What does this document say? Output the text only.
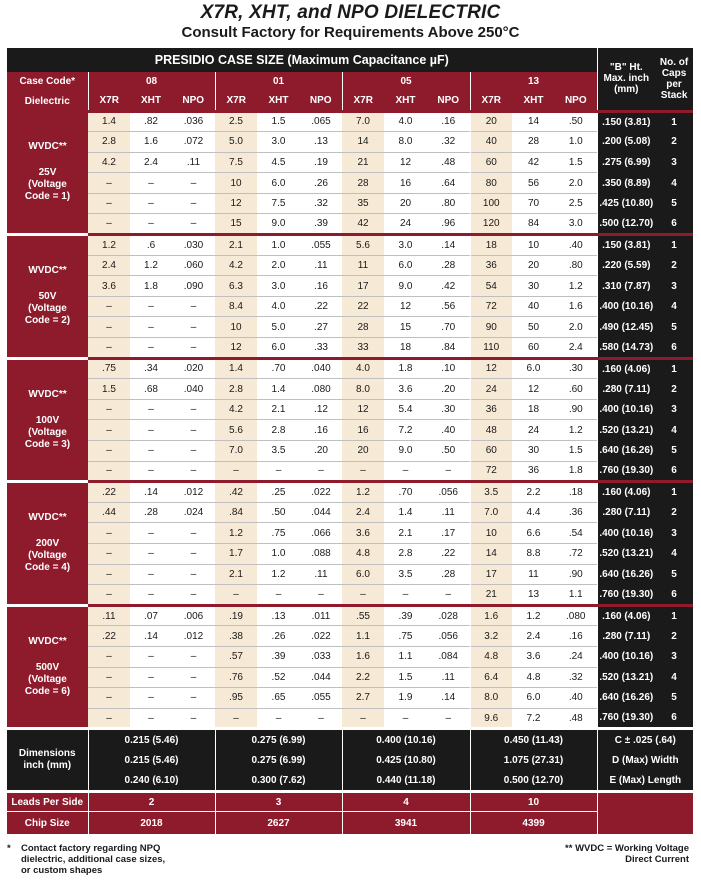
X7R, XHT, and NPO DIELECTRIC
Consult Factory for Requirements Above 250°C
PRESIDIO CASE SIZE (Maximum Capacitance µF)													"B" Ht. Max. inch (mm)	No. of Caps per Stack
Case Code*	08			01			05			13				
Dielectric	X7R	XHT	NPO	X7R	XHT	NPO	X7R	XHT	NPO	X7R	XHT	NPO		

WVDC**
25V
(Voltage Code = 1)	1.4	.82	.036	2.5	1.5	.065	7.0	4.0	.16	20	14	.50	.150 (3.81)	1
	2.8	1.6	.072	5.0	3.0	.13	14	8.0	.32	40	28	1.0	.200 (5.08)	2
	4.2	2.4	.11	7.5	4.5	.19	21	12	.48	60	42	1.5	.275 (6.99)	3
	–	–	–	10	6.0	.26	28	16	.64	80	56	2.0	.350 (8.89)	4
	–	–	–	12	7.5	.32	35	20	.80	100	70	2.5	.425 (10.80)	5
	–	–	–	15	9.0	.39	42	24	.96	120	84	3.0	.500 (12.70)	6

WVDC**
50V
(Voltage Code = 2)	1.2	.6	.030	2.1	1.0	.055	5.6	3.0	.14	18	10	.40	.150 (3.81)	1
	2.4	1.2	.060	4.2	2.0	.11	11	6.0	.28	36	20	.80	.220 (5.59)	2
	3.6	1.8	.090	6.3	3.0	.16	17	9.0	.42	54	30	1.2	.310 (7.87)	3
	–	–	–	8.4	4.0	.22	22	12	.56	72	40	1.6	.400 (10.16)	4
	–	–	–	10	5.0	.27	28	15	.70	90	50	2.0	.490 (12.45)	5
	–	–	–	12	6.0	.33	33	18	.84	110	60	2.4	.580 (14.73)	6

WVDC**
100V
(Voltage Code = 3)	.75	.34	.020	1.4	.70	.040	4.0	1.8	.10	12	6.0	.30	.160 (4.06)	1
	1.5	.68	.040	2.8	1.4	.080	8.0	3.6	.20	24	12	.60	.280 (7.11)	2
	–	–	–	4.2	2.1	.12	12	5.4	.30	36	18	.90	.400 (10.16)	3
	–	–	–	5.6	2.8	.16	16	7.2	.40	48	24	1.2	.520 (13.21)	4
	–	–	–	7.0	3.5	.20	20	9.0	.50	60	30	1.5	.640 (16.26)	5
	–	–	–	–	–	–	–	–	–	72	36	1.8	.760 (19.30)	6

WVDC**
200V
(Voltage Code = 4)	.22	.14	.012	.42	.25	.022	1.2	.70	.056	3.5	2.2	.18	.160 (4.06)	1
	.44	.28	.024	.84	.50	.044	2.4	1.4	.11	7.0	4.4	.36	.280 (7.11)	2
	–	–	–	1.2	.75	.066	3.6	2.1	.17	10	6.6	.54	.400 (10.16)	3
	–	–	–	1.7	1.0	.088	4.8	2.8	.22	14	8.8	.72	.520 (13.21)	4
	–	–	–	2.1	1.2	.11	6.0	3.5	.28	17	11	.90	.640 (16.26)	5
	–	–	–	–	–	–	–	–	–	21	13	1.1	.760 (19.30)	6

WVDC**
500V
(Voltage Code = 6)	.11	.07	.006	.19	.13	.011	.55	.39	.028	1.6	1.2	.080	.160 (4.06)	1
	.22	.14	.012	.38	.26	.022	1.1	.75	.056	3.2	2.4	.16	.280 (7.11)	2
	–	–	–	.57	.39	.033	1.6	1.1	.084	4.8	3.6	.24	.400 (10.16)	3
	–	–	–	.76	.52	.044	2.2	1.5	.11	6.4	4.8	.32	.520 (13.21)	4
	–	–	–	.95	.65	.055	2.7	1.9	.14	8.0	6.0	.40	.640 (16.26)	5
	–	–	–	–	–	–	–	–	–	9.6	7.2	.48	.760 (19.30)	6
Dimensions inch (mm)	0.215 (5.46)			0.275 (6.99)			0.400 (10.16)			0.450 (11.43)			C ± .025 (.64)	
	0.215 (5.46)			0.275 (6.99)			0.425 (10.80)			1.075 (27.31)			D (Max) Width	
	0.240 (6.10)			0.300 (7.62)			0.440 (11.18)			0.500 (12.70)			E (Max) Length	
Leads Per Side	2			3			4			10				
Chip Size	2018			2627			3941			4399				
* Contact factory regarding NPQ
dielectric, additional case sizes,
or custom shapes
** WVDC = Working Voltage
Direct Current
